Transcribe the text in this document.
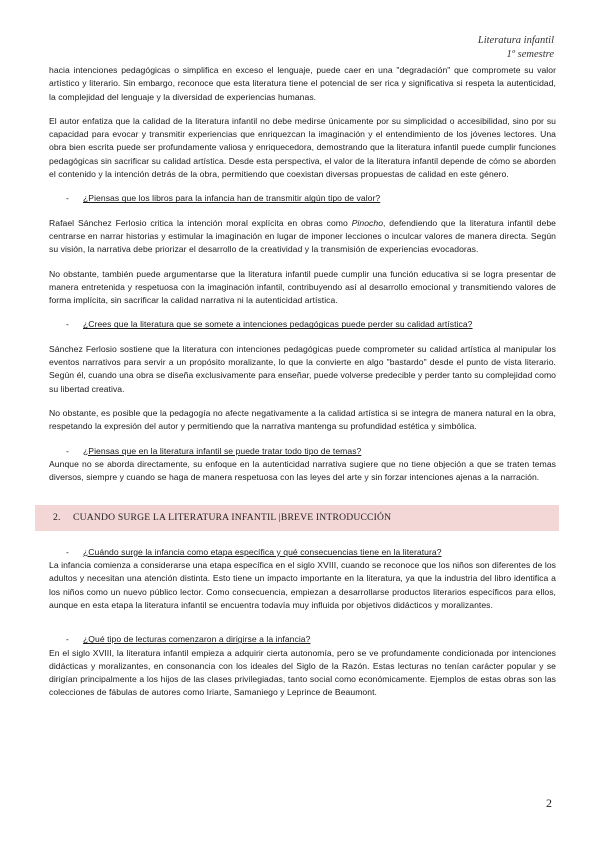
Literatura infantil
1º semestre

hacia intenciones pedagógicas o simplifica en exceso el lenguaje, puede caer en una "degradación" que compromete su valor artístico y literario. Sin embargo, reconoce que esta literatura tiene el potencial de ser rica y significativa si respeta la autenticidad, la complejidad del lenguaje y la diversidad de experiencias humanas.

El autor enfatiza que la calidad de la literatura infantil no debe medirse únicamente por su simplicidad o accesibilidad, sino por su capacidad para evocar y transmitir experiencias que enriquezcan la imaginación y el entendimiento de los jóvenes lectores. Una obra bien escrita puede ser profundamente valiosa y enriquecedora, demostrando que la literatura infantil puede cumplir funciones pedagógicas sin sacrificar su calidad artística. Desde esta perspectiva, el valor de la literatura infantil depende de cómo se aborden el contenido y la intención detrás de la obra, permitiendo que coexistan diversas propuestas de calidad en este género.

-	¿Piensas que los libros para la infancia han de transmitir algún tipo de valor?

Rafael Sánchez Ferlosio critica la intención moral explícita en obras como Pinocho, defendiendo que la literatura infantil debe centrarse en narrar historias y estimular la imaginación en lugar de imponer lecciones o inculcar valores de manera directa. Según su visión, la narrativa debe priorizar el desarrollo de la creatividad y la transmisión de experiencias evocadoras.

No obstante, también puede argumentarse que la literatura infantil puede cumplir una función educativa si se logra presentar de manera entretenida y respetuosa con la imaginación infantil, contribuyendo así al desarrollo emocional y transmitiendo valores de forma implícita, sin sacrificar la calidad narrativa ni la autenticidad artística.

-	¿Crees que la literatura que se somete a intenciones pedagógicas puede perder su calidad artística?

Sánchez Ferlosio sostiene que la literatura con intenciones pedagógicas puede comprometer su calidad artística al manipular los eventos narrativos para servir a un propósito moralizante, lo que la convierte en algo "bastardo" desde el punto de vista literario. Según él, cuando una obra se diseña exclusivamente para enseñar, puede volverse predecible y perder tanto su complejidad como su libertad creativa.

No obstante, es posible que la pedagogía no afecte negativamente a la calidad artística si se integra de manera natural en la obra, respetando la expresión del autor y permitiendo que la narrativa mantenga su profundidad estética y simbólica.

-	¿Piensas que en la literatura infantil se puede tratar todo tipo de temas?

Aunque no se aborda directamente, su enfoque en la autenticidad narrativa sugiere que no tiene objeción a que se traten temas diversos, siempre y cuando se haga de manera respetuosa con las leyes del arte y sin forzar intenciones ajenas a la narración.

2. CUANDO SURGE LA LITERATURA INFANTIL |BREVE INTRODUCCIÓN
-	¿Cuándo surge la infancia como etapa específica y qué consecuencias tiene en la literatura?

La infancia comienza a considerarse una etapa específica en el siglo XVIII, cuando se reconoce que los niños son diferentes de los adultos y necesitan una atención distinta. Esto tiene un impacto importante en la literatura, ya que la industria del libro identifica a los niños como un nuevo público lector. Como consecuencia, empiezan a desarrollarse productos literarios específicos para ellos, aunque en esta etapa la literatura infantil se encuentra todavía muy influida por objetivos didácticos y moralizantes.

-	¿Qué tipo de lecturas comenzaron a dirigirse a la infancia?

En el siglo XVIII, la literatura infantil empieza a adquirir cierta autonomía, pero se ve profundamente condicionada por intenciones didácticas y moralizantes, en consonancia con los ideales del Siglo de la Razón. Estas lecturas no tenían carácter popular y se dirigían principalmente a los hijos de las clases privilegiadas, tanto social como económicamente. Ejemplos de estas obras son las colecciones de fábulas de autores como Iriarte, Samaniego y Leprince de Beaumont.

2
